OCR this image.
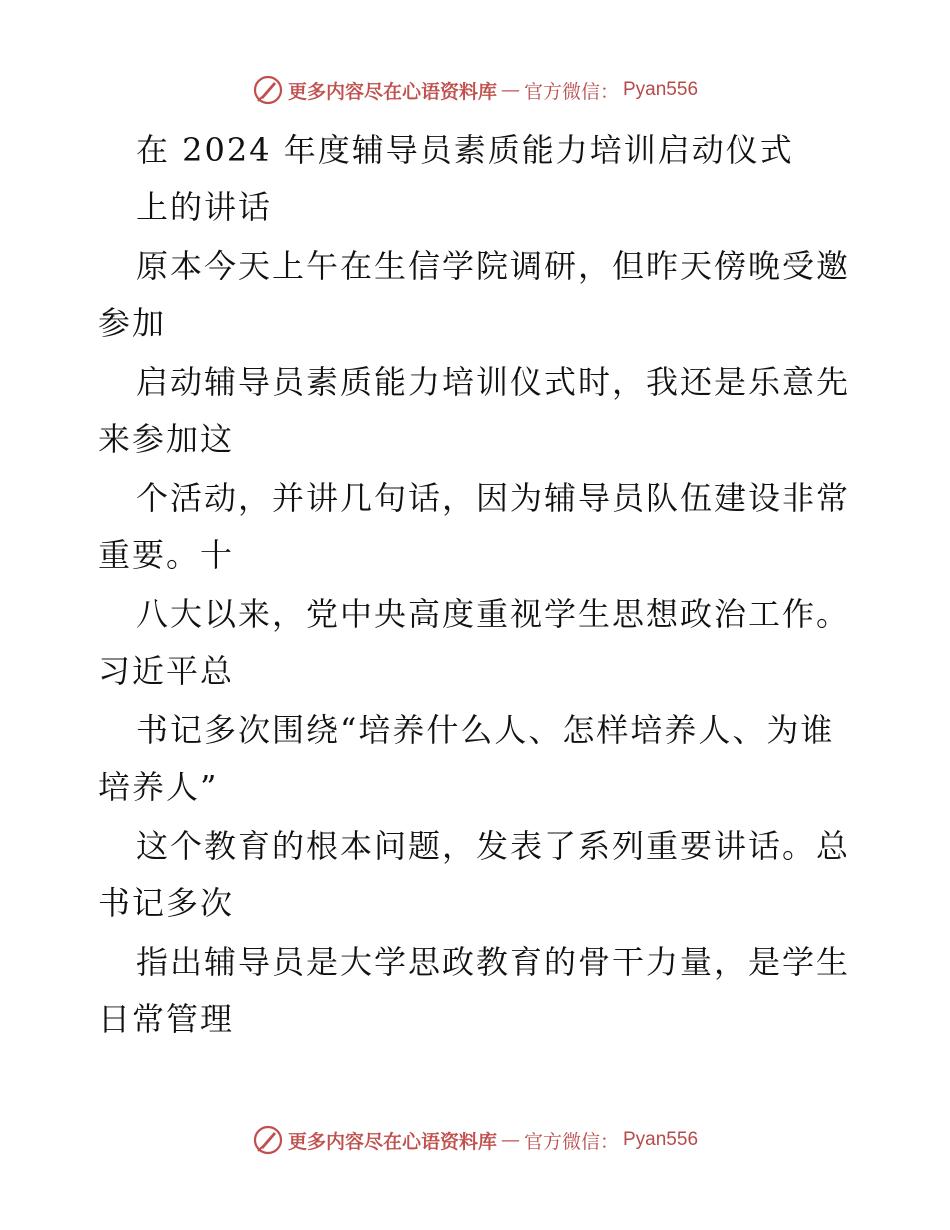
更多内容尽在心语资料库 — 官方微信： Pyan556
在 2024 年度辅导员素质能力培训启动仪式
上的讲话
原本今天上午在生信学院调研，但昨天傍晚受邀
参加
启动辅导员素质能力培训仪式时，我还是乐意先
来参加这
个活动，并讲几句话，因为辅导员队伍建设非常
重要。十
八大以来，党中央高度重视学生思想政治工作。
习近平总
书记多次围绕“培养什么人、怎样培养人、为谁
培养人”
这个教育的根本问题，发表了系列重要讲话。总
书记多次
指出辅导员是大学思政教育的骨干力量，是学生
日常管理
更多内容尽在心语资料库 — 官方微信： Pyan556
